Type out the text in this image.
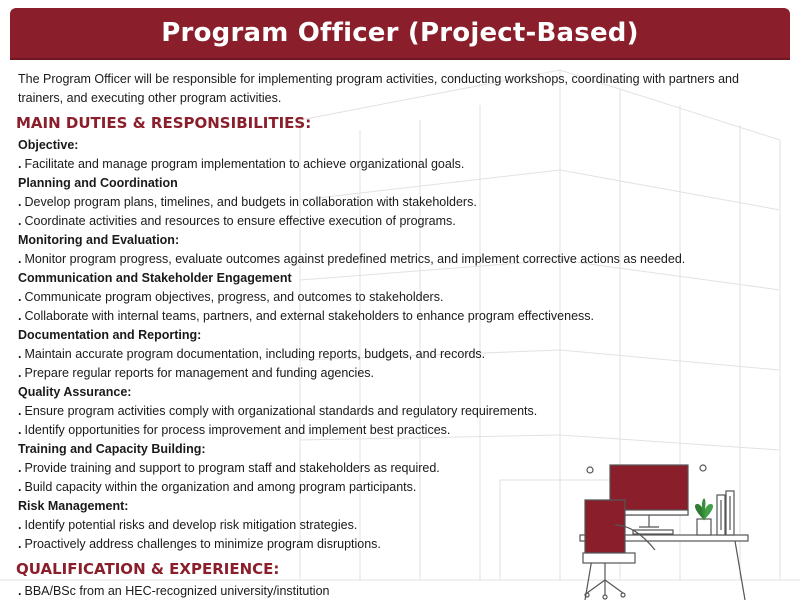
Program Officer (Project-Based)

The Program Officer will be responsible for implementing program activities, conducting workshops, coordinating with partners and trainers, and executing other program activities.

MAIN DUTIES & RESPONSIBILITIES:
Objective:
. Facilitate and manage program implementation to achieve organizational goals.
Planning and Coordination
. Develop program plans, timelines, and budgets in collaboration with stakeholders.
. Coordinate activities and resources to ensure effective execution of programs.
Monitoring and Evaluation:
. Monitor program progress, evaluate outcomes against predefined metrics, and implement corrective actions as needed.
Communication and Stakeholder Engagement
. Communicate program objectives, progress, and outcomes to stakeholders.
. Collaborate with internal teams, partners, and external stakeholders to enhance program effectiveness.
Documentation and Reporting:
. Maintain accurate program documentation, including reports, budgets, and records.
. Prepare regular reports for management and funding agencies.
Quality Assurance:
. Ensure program activities comply with organizational standards and regulatory requirements.
. Identify opportunities for process improvement and implement best practices.
Training and Capacity Building:
. Provide training and support to program staff and stakeholders as required.
. Build capacity within the organization and among program participants.
Risk Management:
. Identify potential risks and develop risk mitigation strategies.
. Proactively address challenges to minimize program disruptions.
QUALIFICATION & EXPERIENCE:
. BBA/BSc from an HEC-recognized university/institution
